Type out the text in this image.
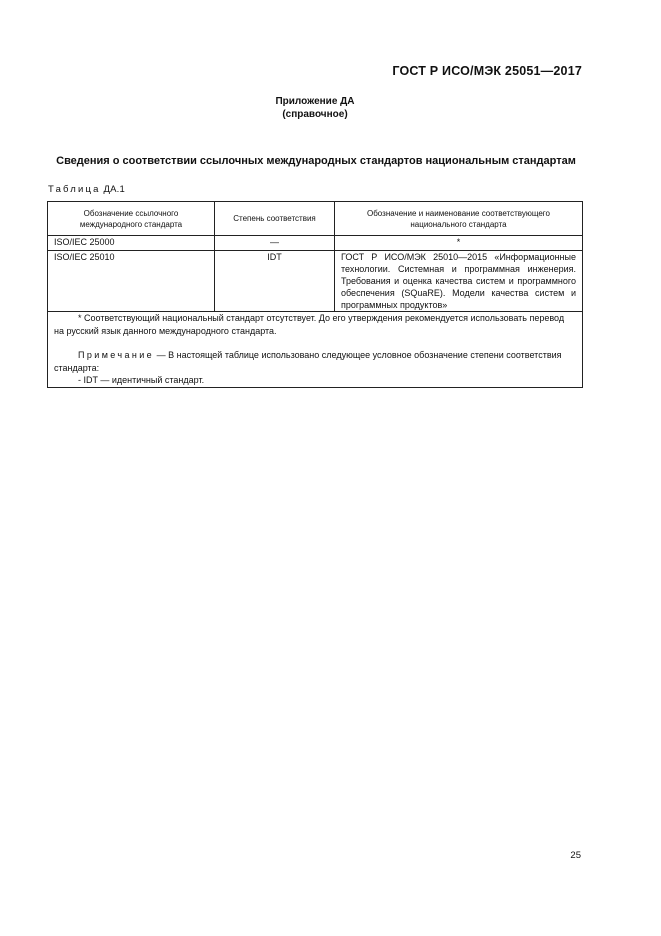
ГОСТ Р ИСО/МЭК 25051—2017
Приложение ДА
(справочное)
Сведения о соответствии ссылочных международных стандартов национальным стандартам
Таблица ДА.1
Обозначение ссылочного международного стандарта	Степень соответствия	Обозначение и наименование соответствующего национального стандарта
ISO/IEC 25000	—	*
ISO/IEC 25010	IDT	ГОСТ Р ИСО/МЭК 25010—2015 «Информационные технологии. Системная и программная инженерия. Требования и оценка качества систем и программного обеспечения (SQuaRE). Модели качества систем и программных продуктов»

* Соответствующий национальный стандарт отсутствует. До его утверждения рекомендуется использовать перевод на русский язык данного международного стандарта.

Примечание — В настоящей таблице использовано следующее условное обозначение степени соответствия стандарта:

- IDT — идентичный стандарт.		

25
